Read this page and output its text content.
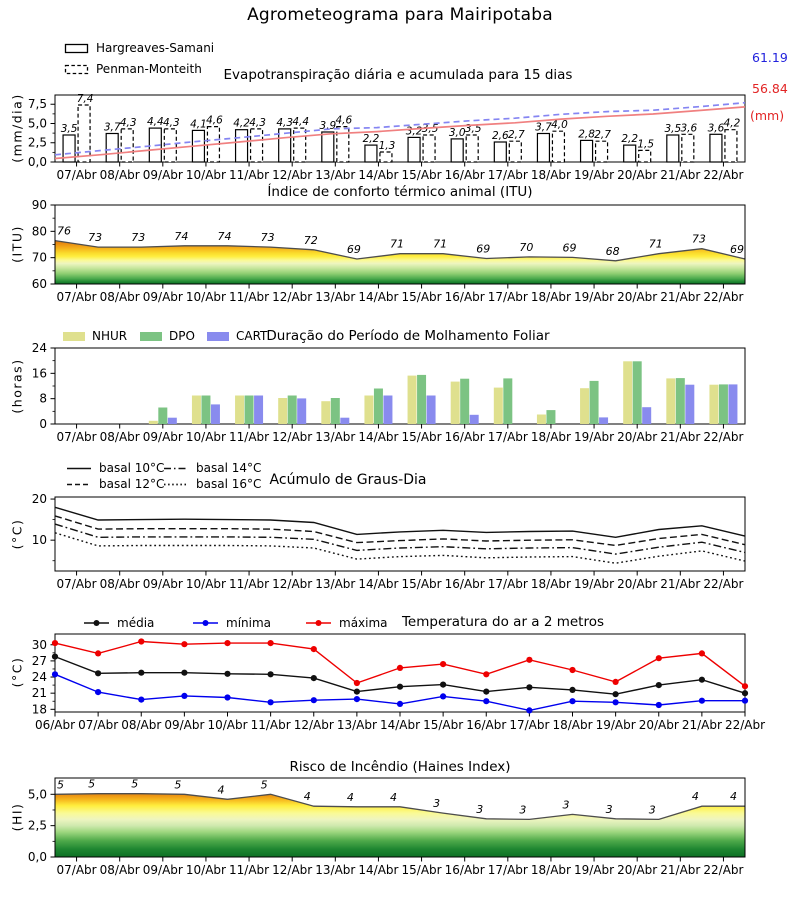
Agrometeograma para Mairipotaba
0,0
2,5
5,0
7,5
07/Abr 08/Abr 09/Abr 10/Abr 11/Abr 12/Abr 13/Abr 14/Abr 15/Abr 16/Abr 17/Abr 18/Abr 19/Abr 20/Abr 21/Abr 22/Abr
3,5
7,4
3,7 4,3 4,4 4,3 4,1 4,6 4,2 4,3 4,3 4,4 3,9 4,6
2,2
1,3
3,2 3,5 3,0 3,5
2,6 2,7
3,7 4,0
2,8 2,7 2,2 1,5
3,5 3,6 3,6 4,2
60
70
80
90
07/Abr 08/Abr 09/Abr 10/Abr 11/Abr 12/Abr 13/Abr 14/Abr 15/Abr 16/Abr 17/Abr 18/Abr 19/Abr 20/Abr 21/Abr 22/Abr
76
73	73	74	74	73	72
69	71	71	69	70	69	68
71	73
69
0
8
16
24
07/Abr 08/Abr 09/Abr 10/Abr 11/Abr 12/Abr 13/Abr 14/Abr 15/Abr 16/Abr 17/Abr 18/Abr 19/Abr 20/Abr 21/Abr 22/Abr
10
20
07/Abr 08/Abr 09/Abr 10/Abr 11/Abr 12/Abr 13/Abr 14/Abr 15/Abr 16/Abr 17/Abr 18/Abr 19/Abr 20/Abr 21/Abr 22/Abr
18
21
24
27
30
06/Abr 07/Abr 08/Abr 09/Abr 10/Abr 11/Abr 12/Abr 13/Abr 14/Abr 15/Abr 16/Abr 17/Abr 18/Abr 19/Abr 20/Abr 21/Abr 22/Abr
0,0
2,5
5,0
07/Abr 08/Abr 09/Abr 10/Abr 11/Abr 12/Abr 13/Abr 14/Abr 15/Abr 16/Abr 17/Abr 18/Abr 19/Abr 20/Abr 21/Abr 22/Abr
5 5	5	5	4	5
4	4	4	3	3	3	3	3	3
4	4
Hargreaves-Samani
Penman-Monteith Evapotranspiração diária e acumulada para 15 dias
61.19
56.84
(mm)
(mm/dia)
Índice de conforto térmico animal (ITU)
(ITU)
NHUR	DPO	CART Duração do Período de Molhamento Foliar
(horas)
basal 10°C
basal 12°C
basal 14°C
basal 16°C Acúmulo de Graus-Dia
(°C)
média	mínima	máxima Temperatura do ar a 2 metros
(°C)
Risco de Incêndio (Haines Index)
(HI)
